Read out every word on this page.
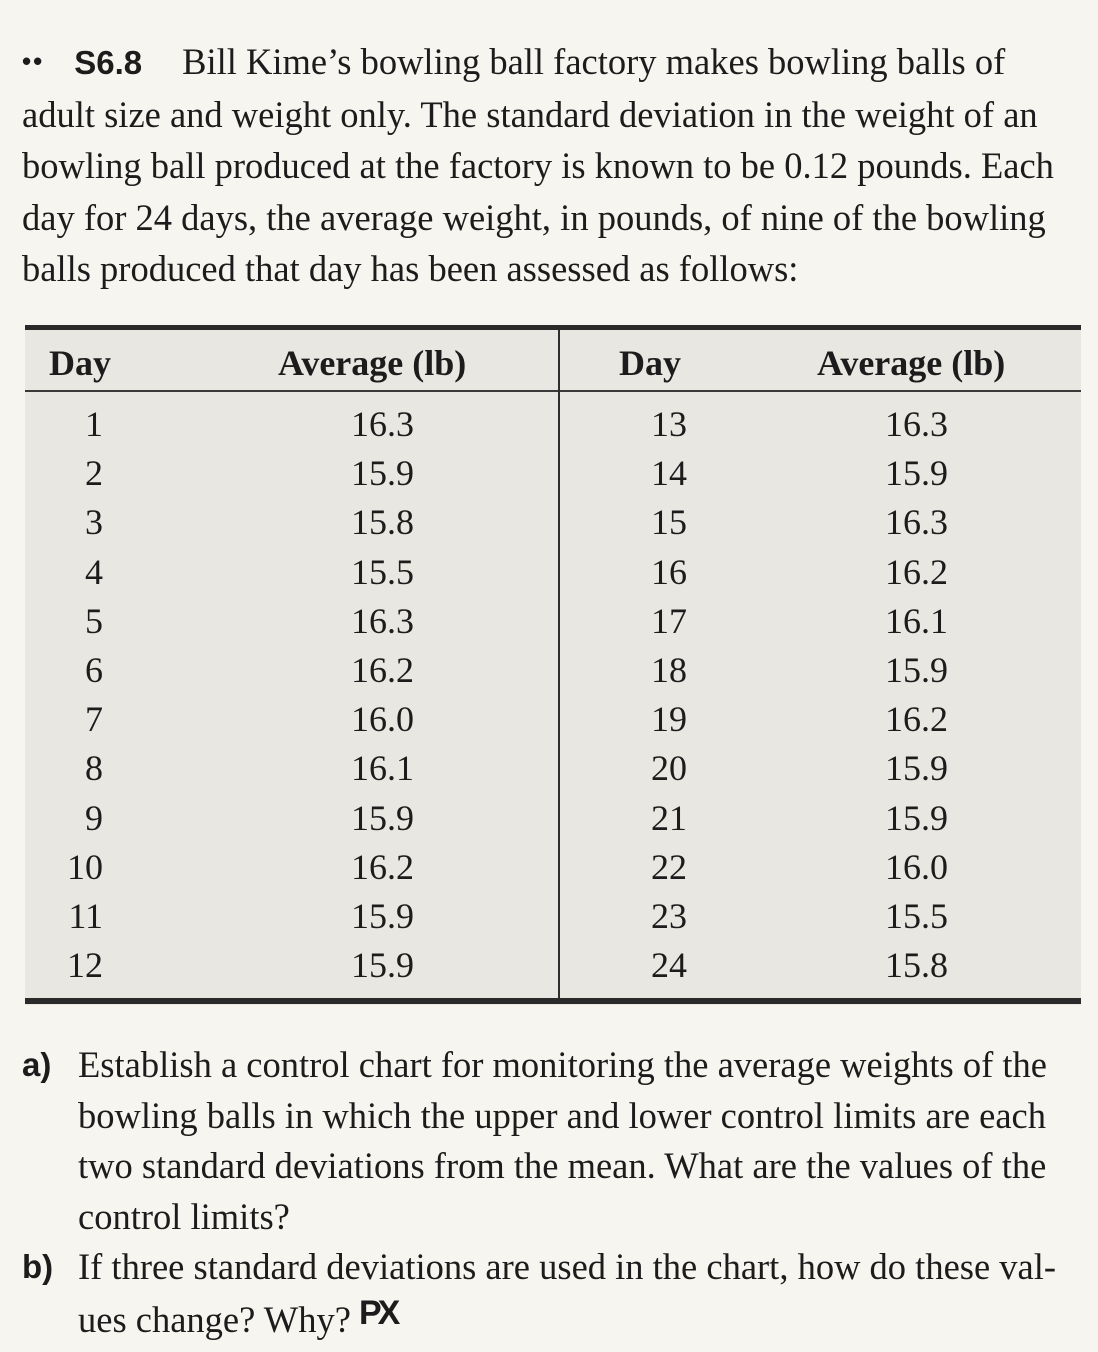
•• S6.8 Bill Kime’s bowling ball factory makes bowling balls of
adult size and weight only. The standard deviation in the weight of an
bowling ball produced at the factory is known to be 0.12 pounds. Each
day for 24 days, the average weight, in pounds, of nine of the bowling
balls produced that day has been assessed as follows:
Day	Average (lb)	Day	Average (lb)
1	16.3	13	16.3
2	15.9	14	15.9
3	15.8	15	16.3
4	15.5	16	16.2
5	16.3	17	16.1
6	16.2	18	15.9
7	16.0	19	16.2
8	16.1	20	15.9
9	15.9	21	15.9
10	16.2	22	16.0
11	15.9	23	15.5
12	15.9	24	15.8
a) Establish a control chart for monitoring the average weights of the
bowling balls in which the upper and lower control limits are each
two standard deviations from the mean. What are the values of the
control limits?
b) If three standard deviations are used in the chart, how do these val-
ues change? Why? PX
